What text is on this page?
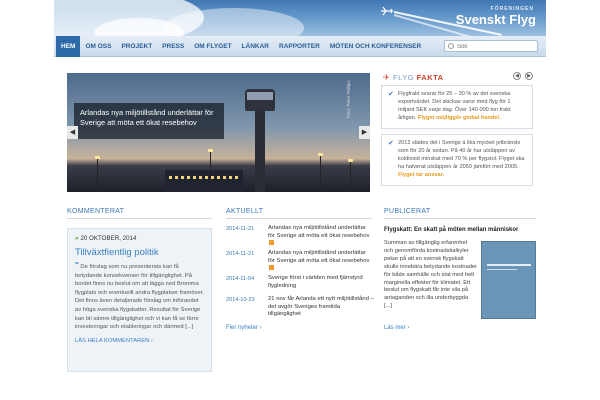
FÖRENINGEN
Svenskt Flyg
HEM	OM OSS	PROJEKT	PRESS	OM FLYGET	LÄNKAR	RAPPORTER	MÖTEN OCH KONFERENSER
Sök
Arlandas nya miljötillstånd underlättar för Sverige att möta ett ökat resebehov
Foto: Peter Phillips
◀	▶
✈ FLYG FAKTA	◀	▶
✔ Flygfrakt svarar för 25 – 30 % av det svenska exportvärdet. Det skickas varor med flyg för 1 miljard SEK varje dag. Över 140 000 ton frakt årligen. Flyget möjliggör global handel.
✔ 2012 slädes det i Sverige ä lika mycket jetbränsle som för 20 år sedan. På 40 år har utsläppen av koldioxid minskat med 70 % per flygstol. Flyget ska ha halverat utsläppen år 2050 jämfört med 2005. Flyget tar ansvar.
KOMMENTERAT	AKTUELLT	PUBLICERAT
» 20 OKTOBER, 2014
Tillväxtfientlig politik
" De förslag som nu presenterats kan få betydande konsekvenser för tillgänglighet. På bordet finns nu beslut om att lägga ned Bromma flygplats och eventuellt andra flygplatser framöver. Det finns även detaljerade förslag om införandet av höga svenska flygskatter. Resultat för Sverige kan bli sämre tillgänglighet och vi kan få se färre investeringar och etableringar och därmed [...]
LÄS HELA KOMMENTAREN ›
2014-11-21	Arlandas nya miljötillstånd underlättar för Sverige att möta ett ökat resebehov
2014-11-21	Arlandas nya miljötillstånd underlättar för Sverige att möta ett ökat resebehov
2014-11-04	Sverige först i världen med fjärrstyrd flygledning
2014-10-23	21 nov får Arlanda ett nytt miljötillstånd – det avgör Sveriges framtida tillgänglighet
Fler nyheter ›
Flygskatt: En skatt på möten mellan människor
Summan av tillgänglig erfarenhet och genomförda kostnadskalkyler pekar på att en svensk flygskatt skulle innebära betydande kostnader för både samhälle och stat med helt marginella effekter för klimatet. Ett beslut om flygskatt får inte vila på antaganden och illa underbyggda [...]
Läs mer ›
